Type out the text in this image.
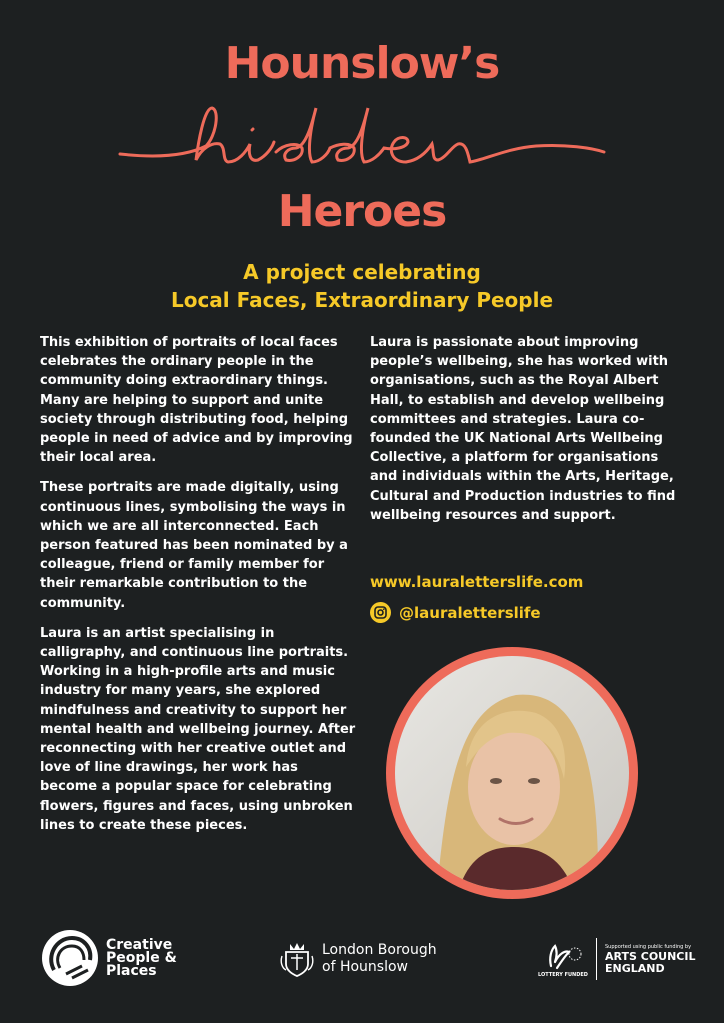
Hounslow’s
Heroes
A project celebrating
Local Faces, Extraordinary People

This exhibition of portraits of local faces celebrates the ordinary people in the community doing extraordinary things. Many are helping to support and unite society through distributing food, helping people in need of advice and by improving their local area.

These portraits are made digitally, using continuous lines, symbolising the ways in which we are all interconnected. Each person featured has been nominated by a colleague, friend or family member for their remarkable contribution to the community.

Laura is an artist specialising in calligraphy, and continuous line portraits. Working in a high-profile arts and music industry for many years, she explored mindfulness and creativity to support her mental health and wellbeing journey. After reconnecting with her creative outlet and love of line drawings, her work has become a popular space for celebrating flowers, figures and faces, using unbroken lines to create these pieces.

Laura is passionate about improving people’s wellbeing, she has worked with organisations, such as the Royal Albert Hall, to establish and develop wellbeing committees and strategies. Laura co-founded the UK National Arts Wellbeing Collective, a platform for organisations and individuals within the Arts, Heritage, Cultural and Production industries to find wellbeing resources and support.

www.lauraletterslife.com
@lauraletterslife
Creative
People &
Places
London Borough
of Hounslow	LOTTERY FUNDED
Supported using public funding by
ARTS COUNCIL
ENGLAND
